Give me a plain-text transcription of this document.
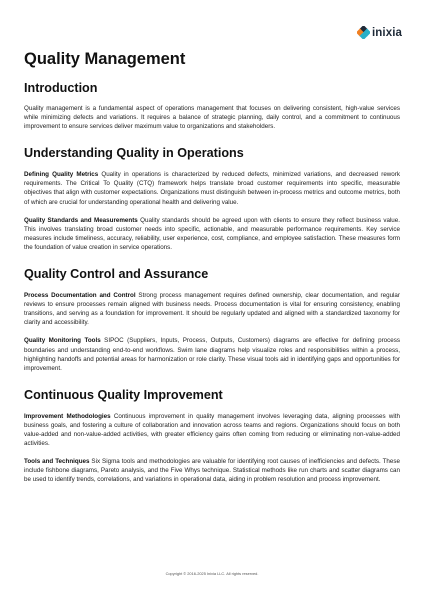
inixia
Quality Management
Introduction

Quality management is a fundamental aspect of operations management that focuses on delivering consistent, high-value services while minimizing defects and variations. It requires a balance of strategic planning, daily control, and a commitment to continuous improvement to ensure services deliver maximum value to organizations and stakeholders.

Understanding Quality in Operations

Defining Quality Metrics Quality in operations is characterized by reduced defects, minimized variations, and decreased rework requirements. The Critical To Quality (CTQ) framework helps translate broad customer requirements into specific, measurable objectives that align with customer expectations. Organizations must distinguish between in-process metrics and outcome metrics, both of which are crucial for understanding operational health and delivering value.

Quality Standards and Measurements Quality standards should be agreed upon with clients to ensure they reflect business value. This involves translating broad customer needs into specific, actionable, and measurable performance requirements. Key service measures include timeliness, accuracy, reliability, user experience, cost, compliance, and employee satisfaction. These measures form the foundation of value creation in service operations.

Quality Control and Assurance

Process Documentation and Control Strong process management requires defined ownership, clear documentation, and regular reviews to ensure processes remain aligned with business needs. Process documentation is vital for ensuring consistency, enabling transitions, and serving as a foundation for improvement. It should be regularly updated and aligned with a standardized taxonomy for clarity and accessibility.

Quality Monitoring Tools SIPOC (Suppliers, Inputs, Process, Outputs, Customers) diagrams are effective for defining process boundaries and understanding end-to-end workflows. Swim lane diagrams help visualize roles and responsibilities within a process, highlighting handoffs and potential areas for harmonization or role clarity. These visual tools aid in identifying gaps and opportunities for improvement.

Continuous Quality Improvement

Improvement Methodologies Continuous improvement in quality management involves leveraging data, aligning processes with business goals, and fostering a culture of collaboration and innovation across teams and regions. Organizations should focus on both value-added and non-value-added activities, with greater efficiency gains often coming from reducing or eliminating non-value-added activities.

Tools and Techniques Six Sigma tools and methodologies are valuable for identifying root causes of inefficiencies and defects. These include fishbone diagrams, Pareto analysis, and the Five Whys technique. Statistical methods like run charts and scatter diagrams can be used to identify trends, correlations, and variations in operational data, aiding in problem resolution and process improvement.

Copyright © 2016-2025 Inixia LLC. All rights reserved.
